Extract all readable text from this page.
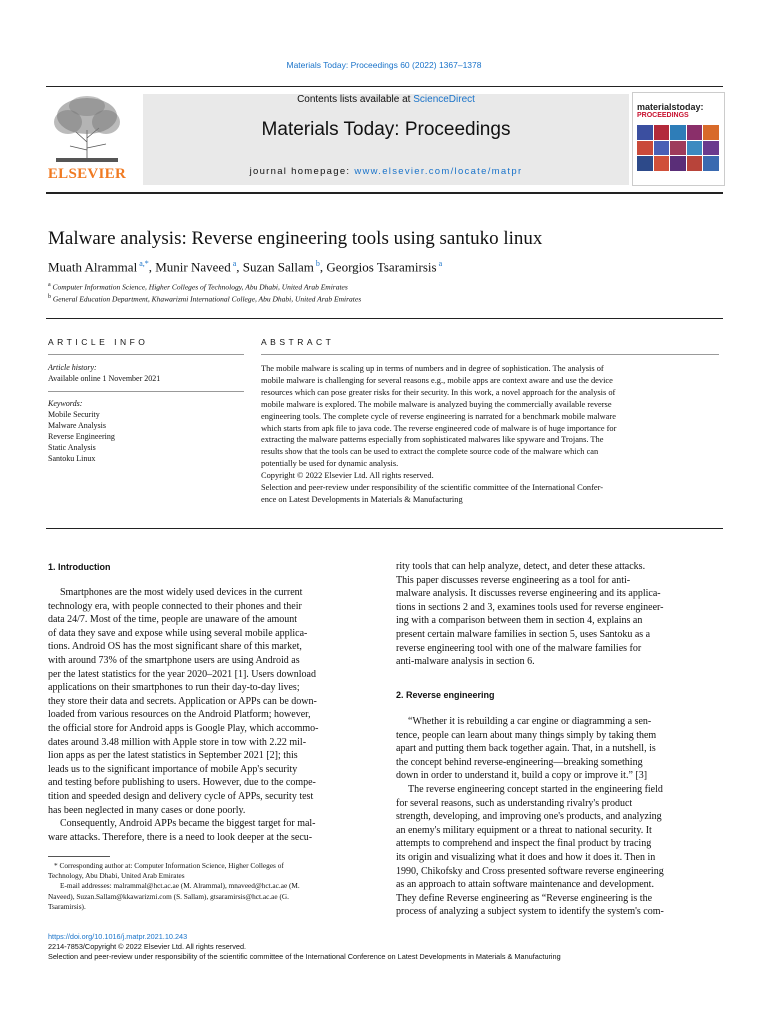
Materials Today: Proceedings 60 (2022) 1367–1378
ELSEVIER
Contents lists available at ScienceDirect
Materials Today: Proceedings
journal homepage: www.elsevier.com/locate/matpr
materialstoday:
PROCEEDINGS
Malware analysis: Reverse engineering tools using santuko linux
Muath Alrammal $^{a,*}$, Munir Naveed $^a$, Suzan Sallam $^b$, Georgios Tsaramirsis $^a$
$^a$ Computer Information Science, Higher Colleges of Technology, Abu Dhabi, United Arab Emirates
$^b$ General Education Department, Khawarizmi International College, Abu Dhabi, United Arab Emirates
ARTICLE INFO
Article history:
Available online 1 November 2021
Keywords:
Mobile Security
Malware Analysis
Reverse Engineering
Static Analysis
Santoku Linux
ABSTRACT
The mobile malware is scaling up in terms of numbers and in degree of sophistication. The analysis of
mobile malware is challenging for several reasons e.g., mobile apps are context aware and use the device
resources which can pose greater risks for their security. In this work, a novel approach for the analysis of
mobile malware is explored. The mobile malware is analyzed buying the commercially available reverse
engineering tools. The complete cycle of reverse engineering is narrated for a benchmark mobile malware
which starts from apk file to java code. The reverse engineered code of malware is of huge importance for
extracting the malware patterns especially from sophisticated malwares like spyware and Trojans. The
results show that the tools can be used to extract the complete source code of the malware which can
potentially be used for dynamic analysis.
Copyright © 2022 Elsevier Ltd. All rights reserved.
Selection and peer-review under responsibility of the scientific committee of the International Confer-
ence on Latest Developments in Materials & Manufacturing
1. Introduction
Smartphones are the most widely used devices in the current
technology era, with people connected to their phones and their
data 24/7. Most of the time, people are unaware of the amount
of data they save and expose while using several mobile applica-
tions. Android OS has the most significant share of this market,
with around 73% of the smartphone users are using Android as
per the latest statistics for the year 2020–2021 [1]. Users download
applications on their smartphones to run their day-to-day lives;
they store their data and secrets. Application or APPs can be down-
loaded from various resources on the Android Platform; however,
the official store for Android apps is Google Play, which accommo-
dates around 3.48 million with Apple store in tow with 2.22 mil-
lion apps as per the latest statistics in September 2021 [2]; this
leads us to the significant importance of mobile App's security
and testing before publishing to users. However, due to the compe-
tition and speeded design and delivery cycle of APPs, security test
has been neglected in many cases or done poorly.
Consequently, Android APPs became the biggest target for mal-
ware attacks. Therefore, there is a need to look deeper at the secu-
* Corresponding author at: Computer Information Science, Higher Colleges of
Technology, Abu Dhabi, United Arab Emirates
E-mail addresses: malrammal@hct.ac.ae (M. Alrammal), mnaveed@hct.ac.ae (M.
Naveed), Suzan.Sallam@kkawarizmi.com (S. Sallam), gtsaramirsis@hct.ac.ae (G.
Tsaramirsis).
rity tools that can help analyze, detect, and deter these attacks.
This paper discusses reverse engineering as a tool for anti-
malware analysis. It discusses reverse engineering and its applica-
tions in sections 2 and 3, examines tools used for reverse engineer-
ing with a comparison between them in section 4, explains an
present certain malware families in section 5, uses Santoku as a
reverse engineering tool with one of the malware families for
anti-malware analysis in section 6.
2. Reverse engineering
“Whether it is rebuilding a car engine or diagramming a sen-
tence, people can learn about many things simply by taking them
apart and putting them back together again. That, in a nutshell, is
the concept behind reverse-engineering—breaking something
down in order to understand it, build a copy or improve it.” [3]
The reverse engineering concept started in the engineering field
for several reasons, such as understanding rivalry's product
strength, developing, and improving one's products, and analyzing
an enemy's military equipment or a threat to national security. It
attempts to comprehend and inspect the final product by tracing
its origin and visualizing what it does and how it does it. Then in
1990, Chikofsky and Cross presented software reverse engineering
as an approach to attain software maintenance and development.
They define Reverse engineering as “Reverse engineering is the
process of analyzing a subject system to identify the system's com-
https://doi.org/10.1016/j.matpr.2021.10.243
2214-7853/Copyright © 2022 Elsevier Ltd. All rights reserved.
Selection and peer-review under responsibility of the scientific committee of the International Conference on Latest Developments in Materials & Manufacturing
